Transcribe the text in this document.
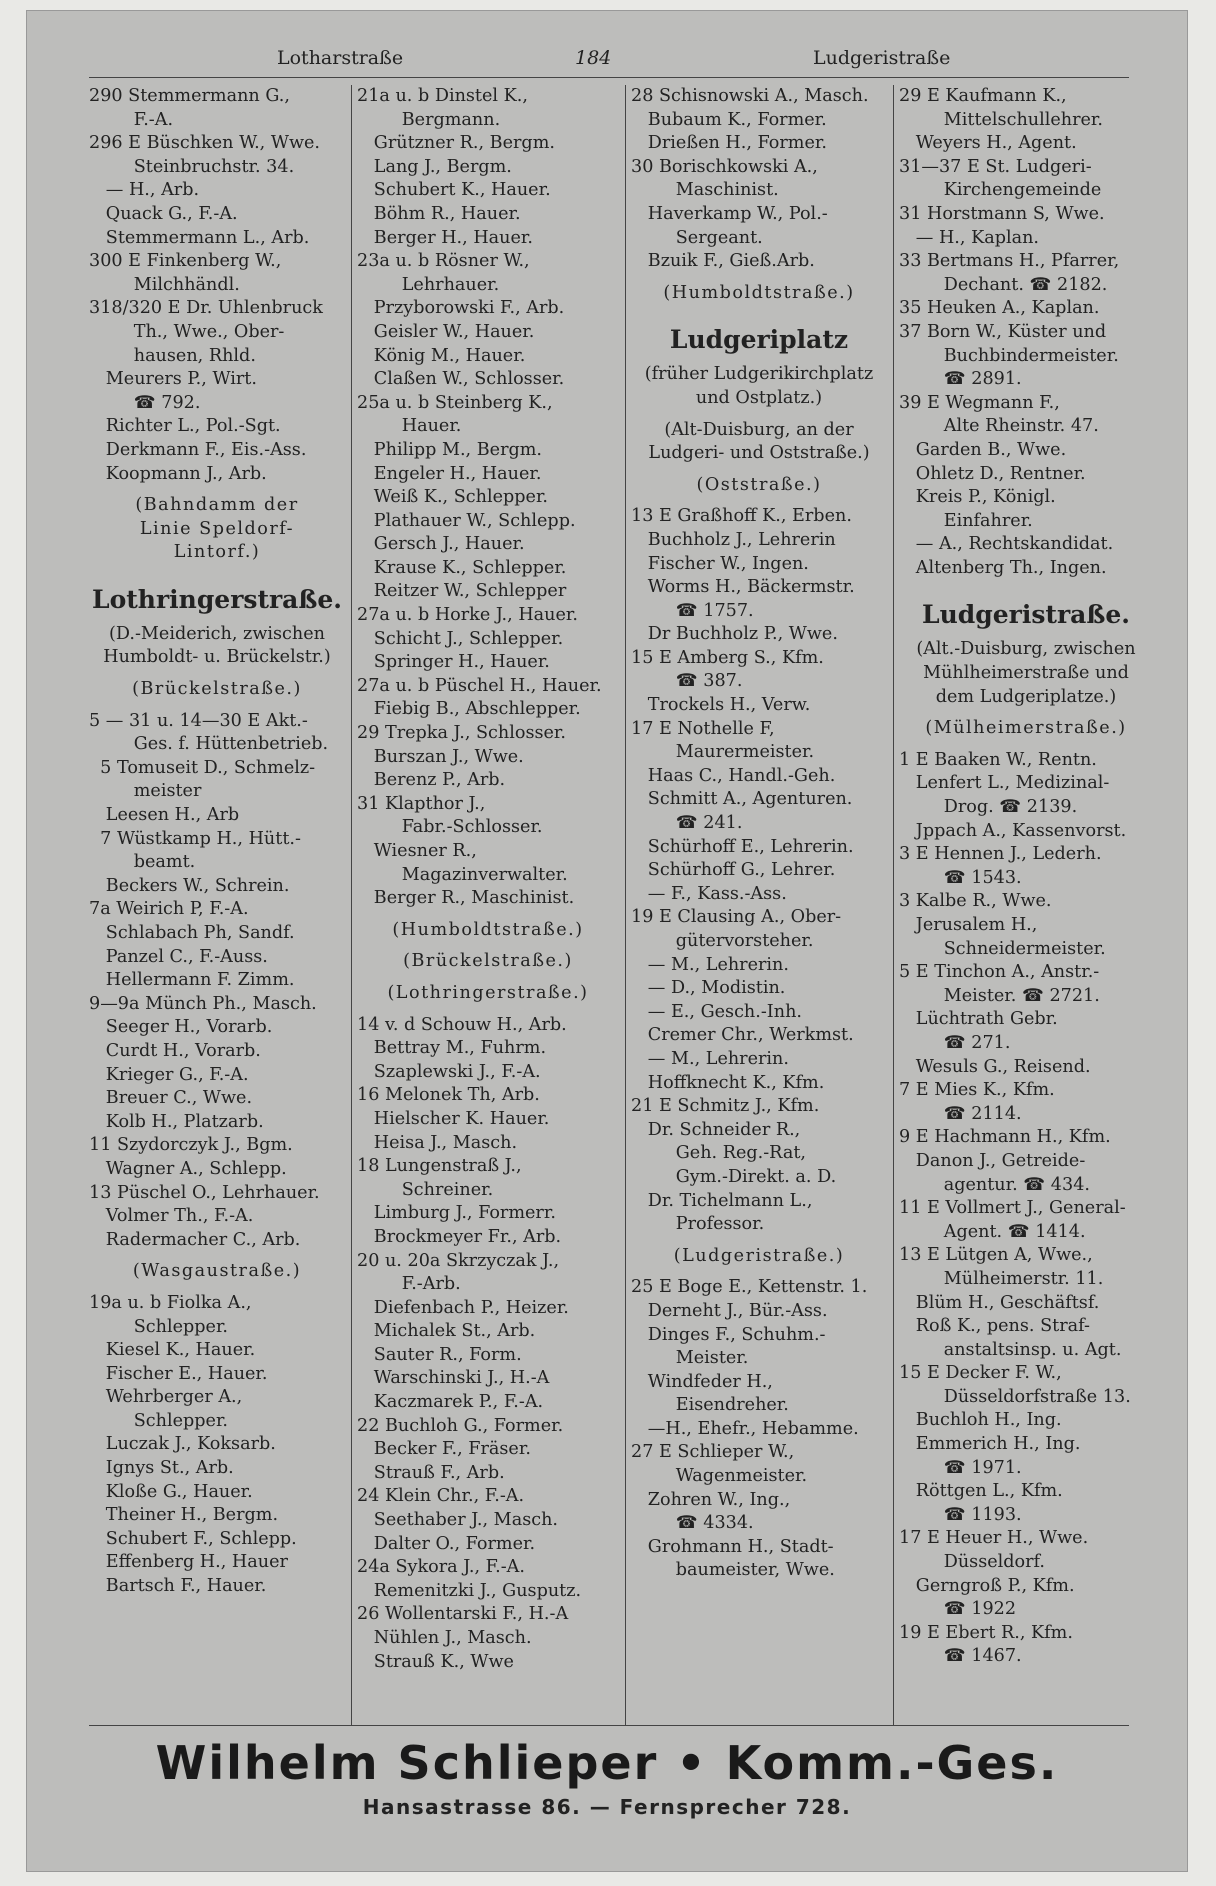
Lotharstraße	184	Ludgeristraße
290 Stemmermann G.,
F.-A.
296 E Büschken W., Wwe.
Steinbruchstr. 34.
— H., Arb.
Quack G., F.-A.
Stemmermann L., Arb.
300 E Finkenberg W.,
Milchhändl.
318/320 E Dr. Uhlenbruck
Th., Wwe., Ober-
hausen, Rhld.
Meurers P., Wirt.
☎ 792.
Richter L., Pol.-Sgt.
Derkmann F., Eis.-Ass.
Koopmann J., Arb.
(Bahndamm der
Linie Speldorf-
Lintorf.)
Lothringerstraße.
(D.-Meiderich, zwischen
Humboldt- u. Brückelstr.)
(Brückelstraße.)
5 — 31 u. 14—30 E Akt.-
Ges. f. Hüttenbetrieb.
5 Tomuseit D., Schmelz-
meister
Leesen H., Arb
7 Wüstkamp H., Hütt.-
beamt.
Beckers W., Schrein.
7a Weirich P, F.-A.
Schlabach Ph, Sandf.
Panzel C., F.-Auss.
Hellermann F. Zimm.
9—9a Münch Ph., Masch.
Seeger H., Vorarb.
Curdt H., Vorarb.
Krieger G., F.-A.
Breuer C., Wwe.
Kolb H., Platzarb.
11 Szydorczyk J., Bgm.
Wagner A., Schlepp.
13 Püschel O., Lehrhauer.
Volmer Th., F.-A.
Radermacher C., Arb.
(Wasgaustraße.)
19a u. b Fiolka A.,
Schlepper.
Kiesel K., Hauer.
Fischer E., Hauer.
Wehrberger A.,
Schlepper.
Luczak J., Koksarb.
Ignys St., Arb.
Kloße G., Hauer.
Theiner H., Bergm.
Schubert F., Schlepp.
Effenberg H., Hauer
Bartsch F., Hauer.
21a u. b Dinstel K.,
Bergmann.
Grützner R., Bergm.
Lang J., Bergm.
Schubert K., Hauer.
Böhm R., Hauer.
Berger H., Hauer.
23a u. b Rösner W.,
Lehrhauer.
Przyborowski F., Arb.
Geisler W., Hauer.
König M., Hauer.
Claßen W., Schlosser.
25a u. b Steinberg K.,
Hauer.
Philipp M., Bergm.
Engeler H., Hauer.
Weiß K., Schlepper.
Plathauer W., Schlepp.
Gersch J., Hauer.
Krause K., Schlepper.
Reitzer W., Schlepper
27a u. b Horke J., Hauer.
Schicht J., Schlepper.
Springer H., Hauer.
27a u. b Püschel H., Hauer.
Fiebig B., Abschlepper.
29 Trepka J., Schlosser.
Burszan J., Wwe.
Berenz P., Arb.
31 Klapthor J.,
Fabr.-Schlosser.
Wiesner R.,
Magazinverwalter.
Berger R., Maschinist.
(Humboldtstraße.)
(Brückelstraße.)
(Lothringerstraße.)
14 v. d Schouw H., Arb.
Bettray M., Fuhrm.
Szaplewski J., F.-A.
16 Melonek Th, Arb.
Hielscher K. Hauer.
Heisa J., Masch.
18 Lungenstraß J.,
Schreiner.
Limburg J., Formerr.
Brockmeyer Fr., Arb.
20 u. 20a Skrzyczak J.,
F.-Arb.
Diefenbach P., Heizer.
Michalek St., Arb.
Sauter R., Form.
Warschinski J., H.-A
Kaczmarek P., F.-A.
22 Buchloh G., Former.
Becker F., Fräser.
Strauß F., Arb.
24 Klein Chr., F.-A.
Seethaber J., Masch.
Dalter O., Former.
24a Sykora J., F.-A.
Remenitzki J., Gusputz.
26 Wollentarski F., H.-A
Nühlen J., Masch.
Strauß K., Wwe
28 Schisnowski A., Masch.
Bubaum K., Former.
Drießen H., Former.
30 Borischkowski A.,
Maschinist.
Haverkamp W., Pol.-
Sergeant.
Bzuik F., Gieß.Arb.
(Humboldtstraße.)
Ludgeriplatz
(früher Ludgerikirchplatz
und Ostplatz.)
(Alt-Duisburg, an der
Ludgeri- und Oststraße.)
(Oststraße.)
13 E Graßhoff K., Erben.
Buchholz J., Lehrerin
Fischer W., Ingen.
Worms H., Bäckermstr.
☎ 1757.
Dr Buchholz P., Wwe.
15 E Amberg S., Kfm.
☎ 387.
Trockels H., Verw.
17 E Nothelle F,
Maurermeister.
Haas C., Handl.-Geh.
Schmitt A., Agenturen.
☎ 241.
Schürhoff E., Lehrerin.
Schürhoff G., Lehrer.
— F., Kass.-Ass.
19 E Clausing A., Ober-
gütervorsteher.
— M., Lehrerin.
— D., Modistin.
— E., Gesch.-Inh.
Cremer Chr., Werkmst.
— M., Lehrerin.
Hoffknecht K., Kfm.
21 E Schmitz J., Kfm.
Dr. Schneider R.,
Geh. Reg.-Rat,
Gym.-Direkt. a. D.
Dr. Tichelmann L.,
Professor.
(Ludgeristraße.)
25 E Boge E., Kettenstr. 1.
Derneht J., Bür.-Ass.
Dinges F., Schuhm.-
Meister.
Windfeder H.,
Eisendreher.
—H., Ehefr., Hebamme.
27 E Schlieper W.,
Wagenmeister.
Zohren W., Ing.,
☎ 4334.
Grohmann H., Stadt-
baumeister, Wwe.
29 E Kaufmann K.,
Mittelschullehrer.
Weyers H., Agent.
31—37 E St. Ludgeri-
Kirchengemeinde
31 Horstmann S, Wwe.
— H., Kaplan.
33 Bertmans H., Pfarrer,
Dechant. ☎ 2182.
35 Heuken A., Kaplan.
37 Born W., Küster und
Buchbindermeister.
☎ 2891.
39 E Wegmann F.,
Alte Rheinstr. 47.
Garden B., Wwe.
Ohletz D., Rentner.
Kreis P., Königl.
Einfahrer.
— A., Rechtskandidat.
Altenberg Th., Ingen.
Ludgeristraße.
(Alt.-Duisburg, zwischen
Mühlheimerstraße und
dem Ludgeriplatze.)
(Mülheimerstraße.)
1 E Baaken W., Rentn.
Lenfert L., Medizinal-
Drog. ☎ 2139.
Jppach A., Kassenvorst.
3 E Hennen J., Lederh.
☎ 1543.
3 Kalbe R., Wwe.
Jerusalem H.,
Schneidermeister.
5 E Tinchon A., Anstr.-
Meister. ☎ 2721.
Lüchtrath Gebr.
☎ 271.
Wesuls G., Reisend.
7 E Mies K., Kfm.
☎ 2114.
9 E Hachmann H., Kfm.
Danon J., Getreide-
agentur. ☎ 434.
11 E Vollmert J., General-
Agent. ☎ 1414.
13 E Lütgen A, Wwe.,
Mülheimerstr. 11.
Blüm H., Geschäftsf.
Roß K., pens. Straf-
anstaltsinsp. u. Agt.
15 E Decker F. W.,
Düsseldorfstraße 13.
Buchloh H., Ing.
Emmerich H., Ing.
☎ 1971.
Röttgen L., Kfm.
☎ 1193.
17 E Heuer H., Wwe.
Düsseldorf.
Gerngroß P., Kfm.
☎ 1922
19 E Ebert R., Kfm.
☎ 1467.
Wilhelm Schlieper • Komm.-Ges.
Hansastrasse 86. — Fernsprecher 728.
